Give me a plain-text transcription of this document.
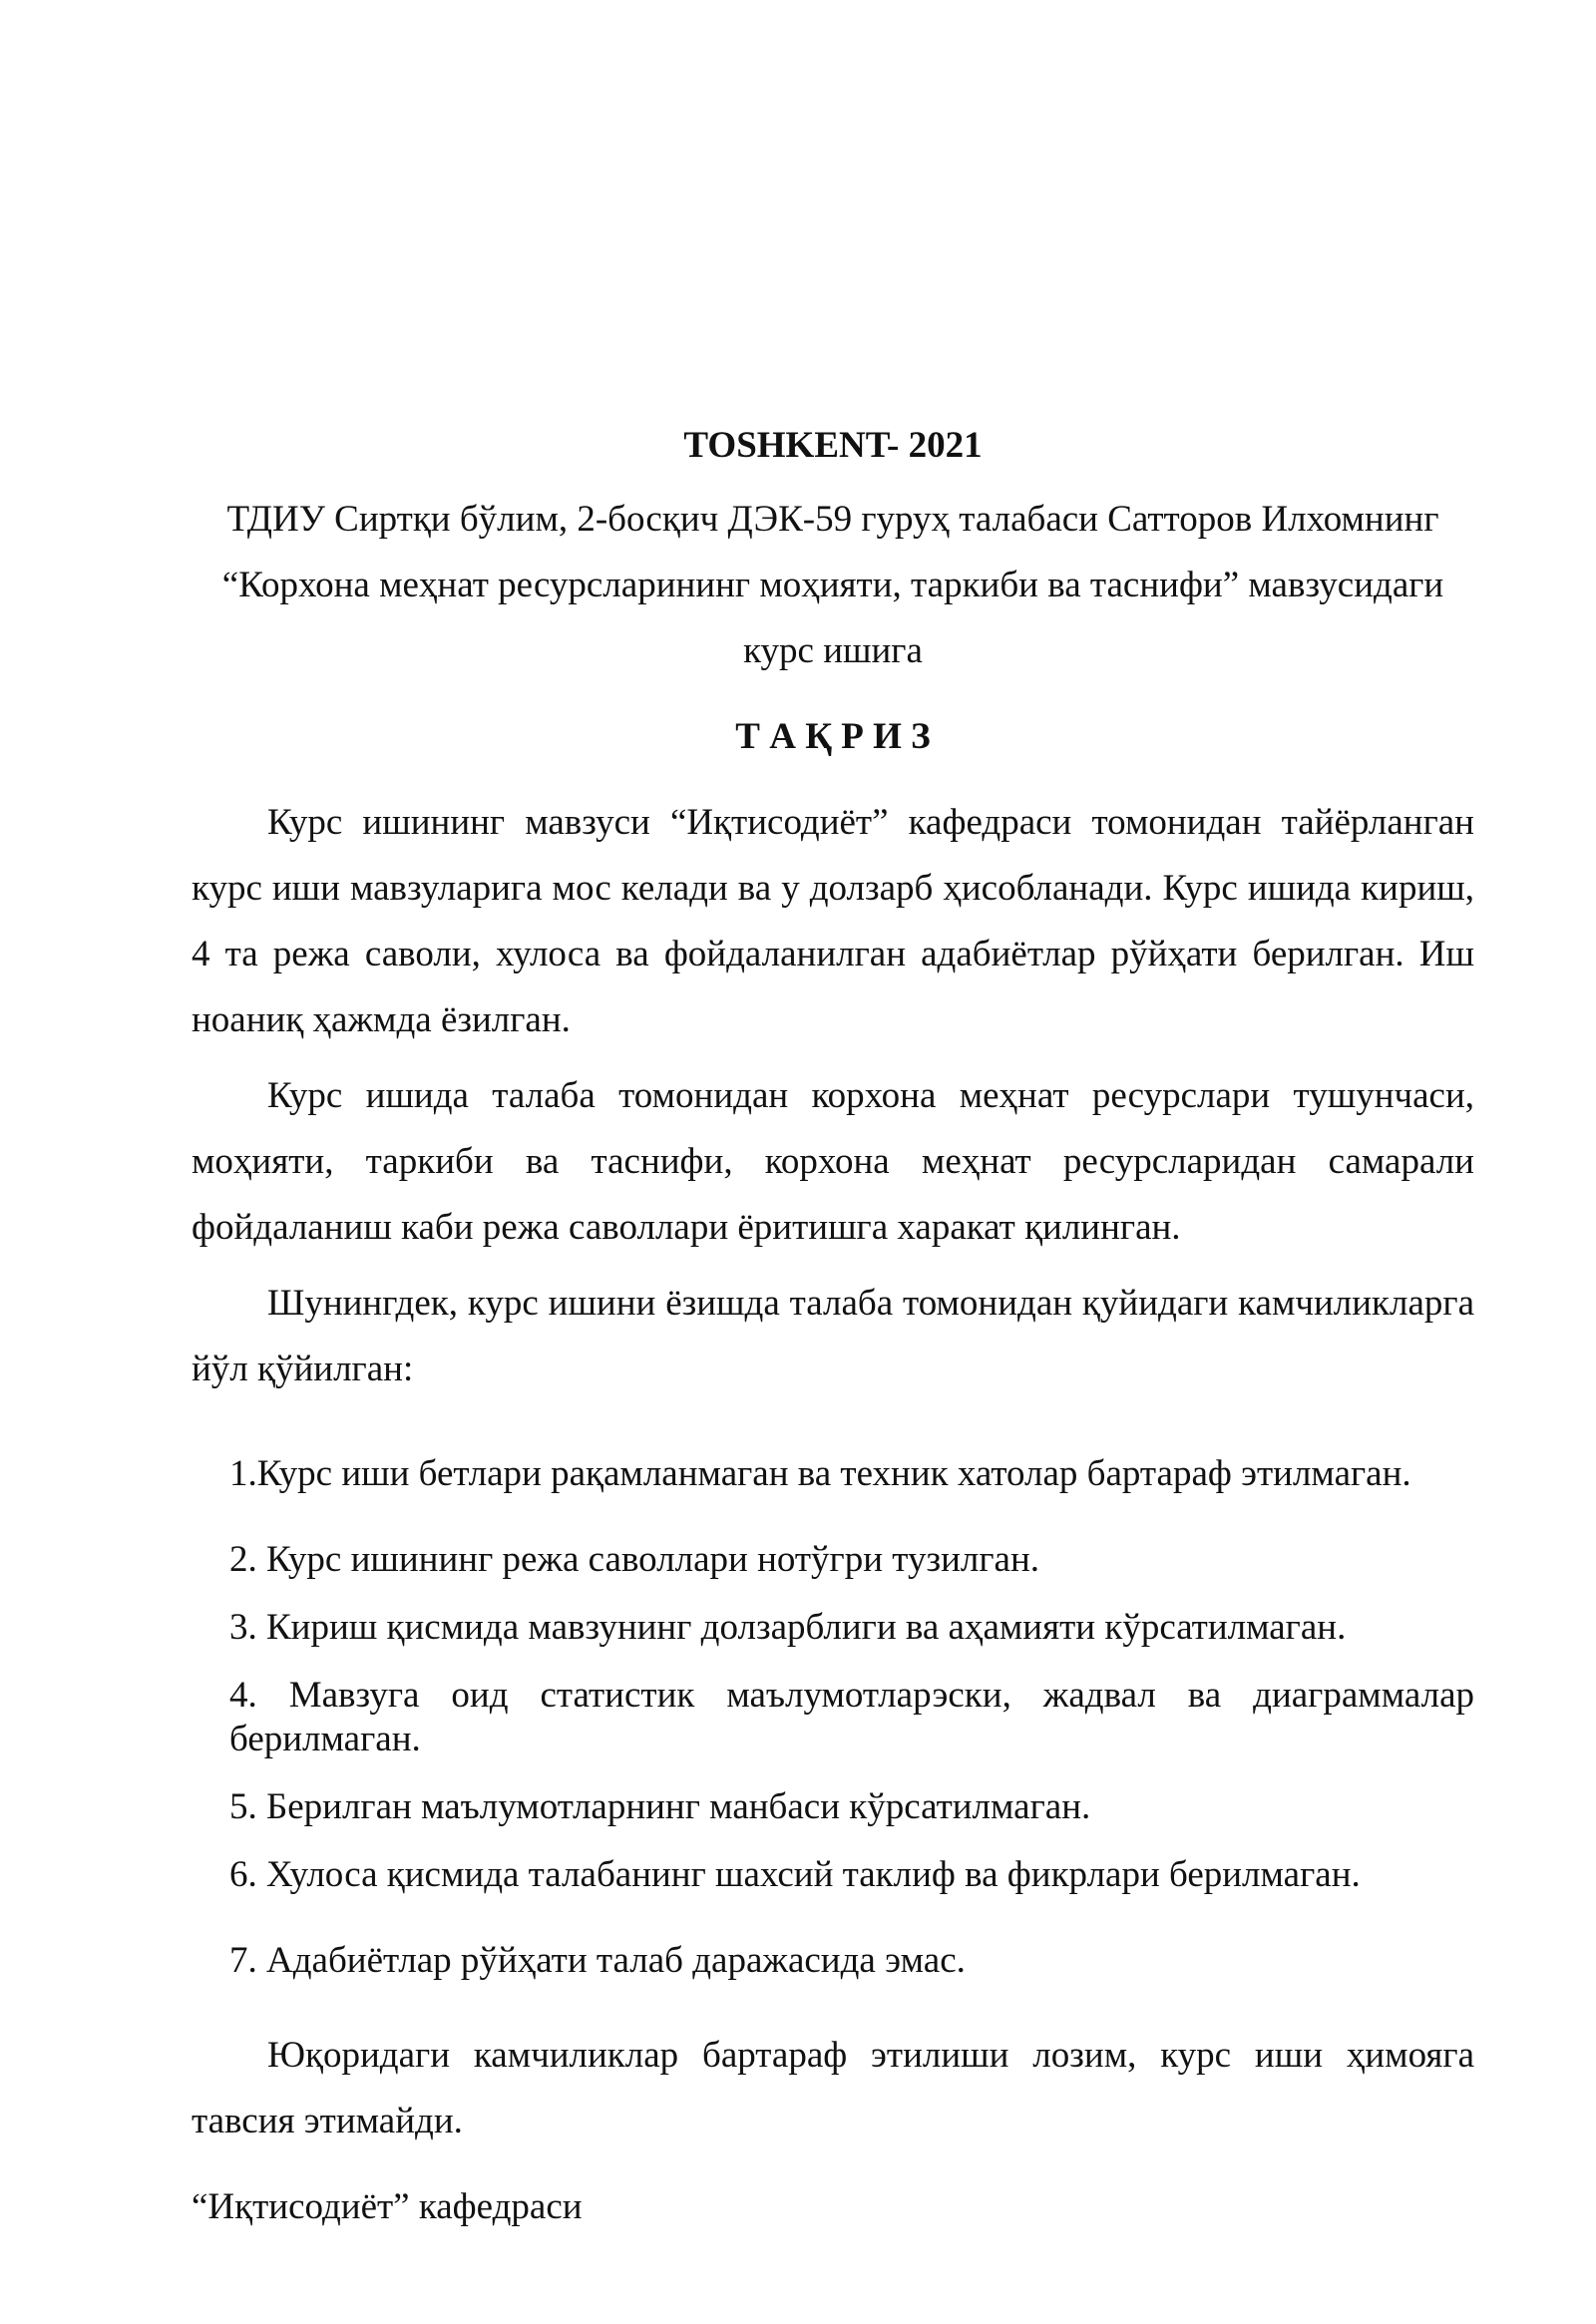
TOSHKENT- 2021
ТДИУ Сиртқи бўлим, 2-босқич ДЭК-59 гуруҳ талабаси Сатторов Илхомнинг
“Корхона меҳнат ресурсларининг моҳияти, таркиби ва таснифи” мавзусидаги
курс ишига
Т А Қ Р И З

Курс ишининг мавзуси “Иқтисодиёт” кафедраси томонидан тайёрланган курс иши мавзуларига мос келади ва у долзарб ҳисобланади. Курс ишида кириш, 4 та режа саволи, хулоса ва фойдаланилган адабиётлар рўйҳати берилган. Иш ноаниқ ҳажмда ёзилган.

Курс ишида талаба томонидан корхона меҳнат ресурслари тушунчаси, моҳияти, таркиби ва таснифи, корхона меҳнат ресурсларидан самарали фойдаланиш каби режа саволлари ёритишга харакат қилинган.

Шунингдек, курс ишини ёзишда талаба томонидан қуйидаги камчиликларга йўл қўйилган:

1.Курс иши бетлари рақамланмаган ва техник хатолар бартараф этилмаган.

2. Курс ишининг режа саволлари нотўгри тузилган.

3. Кириш қисмида мавзунинг долзарблиги ва аҳамияти кўрсатилмаган.

4. Мавзуга оид статистик маълумотларэски, жадвал ва диаграммалар берилмаган.

5. Берилган маълумотларнинг манбаси кўрсатилмаган.

6. Хулоса қисмида талабанинг шахсий таклиф ва фикрлари берилмаган.

7. Адабиётлар рўйҳати талаб даражасида эмас.

Юқоридаги камчиликлар бартараф этилиши лозим, курс иши ҳимояга тавсия этимайди.

“Иқтисодиёт” кафедраси
